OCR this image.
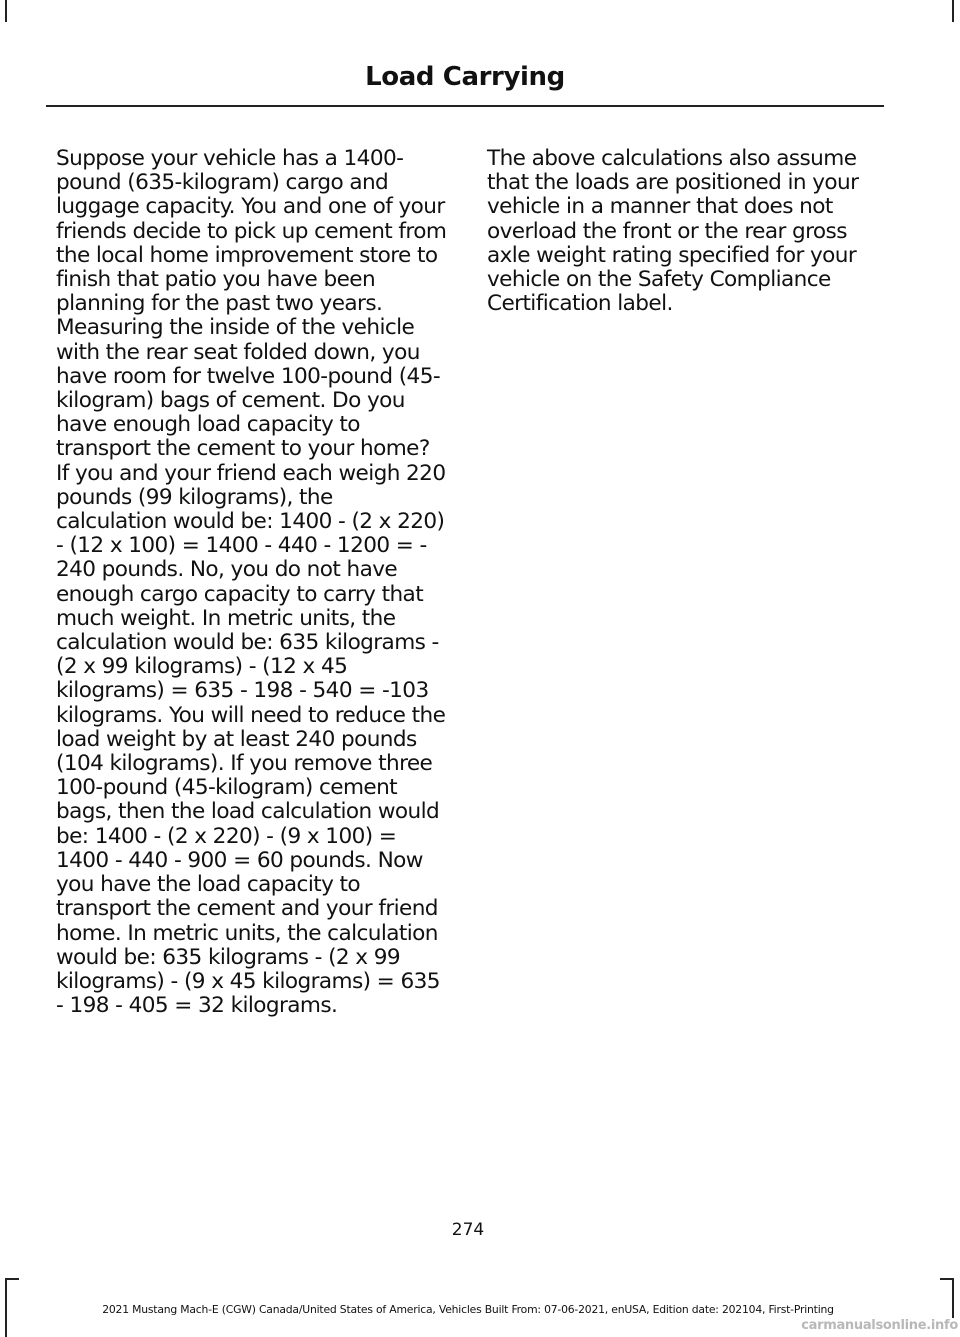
Load Carrying
Suppose your vehicle has a 1400-pound (635-kilogram) cargo and luggage capacity. You and one of your friends decide to pick up cement from the local home improvement store to finish that patio you have been planning for the past two years. Measuring the inside of the vehicle with the rear seat folded down, you have room for twelve 100-pound (45-kilogram) bags of cement. Do you have enough load capacity to transport the cement to your home? If you and your friend each weigh 220 pounds (99 kilograms), the calculation would be: 1400 - (2 x 220) - (12 x 100) = 1400 - 440 - 1200 = - 240 pounds. No, you do not have enough cargo capacity to carry that much weight. In metric units, the calculation would be: 635 kilograms - (2 x 99 kilograms) - (12 x 45 kilograms) = 635 - 198 - 540 = -103 kilograms. You will need to reduce the load weight by at least 240 pounds (104 kilograms). If you remove three 100-pound (45-kilogram) cement bags, then the load calculation would be: 1400 - (2 x 220) - (9 x 100) = 1400 - 440 - 900 = 60 pounds. Now you have the load capacity to transport the cement and your friend home. In metric units, the calculation would be: 635 kilograms - (2 x 99 kilograms) - (9 x 45 kilograms) = 635 - 198 - 405 = 32 kilograms.
The above calculations also assume that the loads are positioned in your vehicle in a manner that does not overload the front or the rear gross axle weight rating specified for your vehicle on the Safety Compliance Certification label.
274
2021 Mustang Mach-E (CGW) Canada/United States of America, Vehicles Built From: 07-06-2021, enUSA, Edition date: 202104, First-Printing
carmanualsonline.info
